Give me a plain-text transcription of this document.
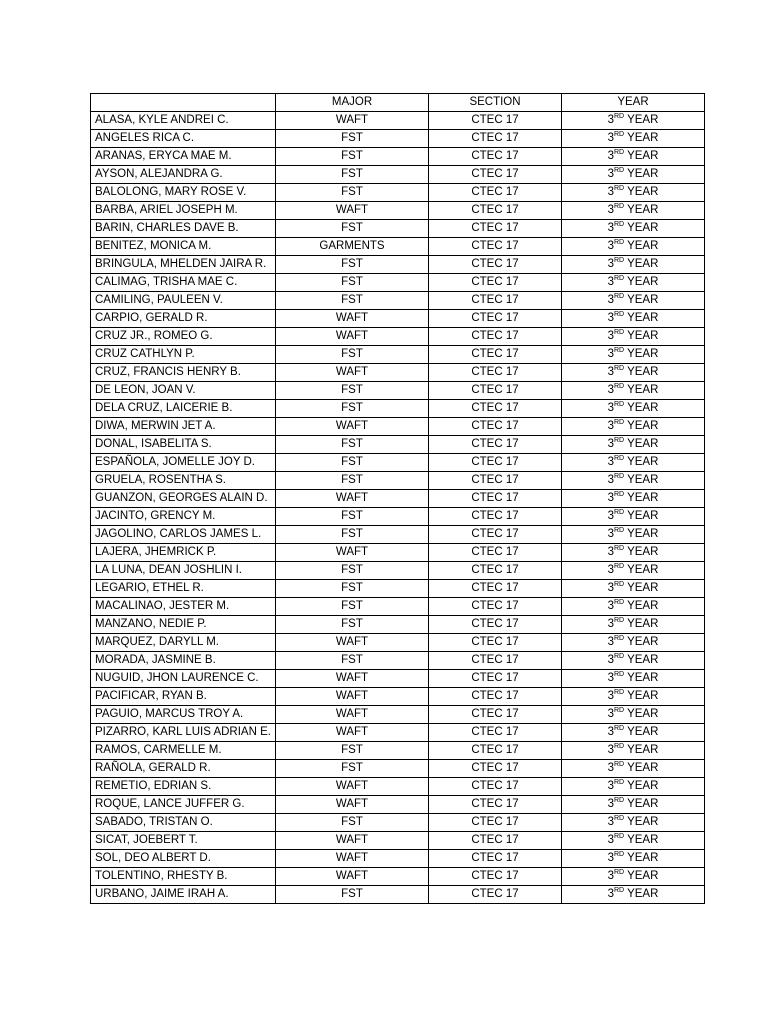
	MAJOR	SECTION	YEAR
ALASA, KYLE ANDREI C.	WAFT	CTEC 17	3RD YEAR
ANGELES RICA C.	FST	CTEC 17	3RD YEAR
ARANAS, ERYCA MAE M.	FST	CTEC 17	3RD YEAR
AYSON, ALEJANDRA G.	FST	CTEC 17	3RD YEAR
BALOLONG, MARY ROSE V.	FST	CTEC 17	3RD YEAR
BARBA, ARIEL JOSEPH M.	WAFT	CTEC 17	3RD YEAR
BARIN, CHARLES DAVE B.	FST	CTEC 17	3RD YEAR
BENITEZ, MONICA M.	GARMENTS	CTEC 17	3RD YEAR
BRINGULA, MHELDEN JAIRA R.	FST	CTEC 17	3RD YEAR
CALIMAG, TRISHA MAE C.	FST	CTEC 17	3RD YEAR
CAMILING, PAULEEN V.	FST	CTEC 17	3RD YEAR
CARPIO, GERALD R.	WAFT	CTEC 17	3RD YEAR
CRUZ JR., ROMEO G.	WAFT	CTEC 17	3RD YEAR
CRUZ CATHLYN P.	FST	CTEC 17	3RD YEAR
CRUZ, FRANCIS HENRY B.	WAFT	CTEC 17	3RD YEAR
DE LEON, JOAN V.	FST	CTEC 17	3RD YEAR
DELA CRUZ, LAICERIE B.	FST	CTEC 17	3RD YEAR
DIWA, MERWIN JET A.	WAFT	CTEC 17	3RD YEAR
DONAL, ISABELITA S.	FST	CTEC 17	3RD YEAR
ESPAÑOLA, JOMELLE JOY D.	FST	CTEC 17	3RD YEAR
GRUELA, ROSENTHA S.	FST	CTEC 17	3RD YEAR
GUANZON, GEORGES ALAIN D.	WAFT	CTEC 17	3RD YEAR
JACINTO, GRENCY M.	FST	CTEC 17	3RD YEAR
JAGOLINO, CARLOS JAMES L.	FST	CTEC 17	3RD YEAR
LAJERA, JHEMRICK P.	WAFT	CTEC 17	3RD YEAR
LA LUNA, DEAN JOSHLIN I.	FST	CTEC 17	3RD YEAR
LEGARIO, ETHEL R.	FST	CTEC 17	3RD YEAR
MACALINAO, JESTER M.	FST	CTEC 17	3RD YEAR
MANZANO, NEDIE P.	FST	CTEC 17	3RD YEAR
MARQUEZ, DARYLL M.	WAFT	CTEC 17	3RD YEAR
MORADA, JASMINE B.	FST	CTEC 17	3RD YEAR
NUGUID, JHON LAURENCE C.	WAFT	CTEC 17	3RD YEAR
PACIFICAR, RYAN B.	WAFT	CTEC 17	3RD YEAR
PAGUIO, MARCUS TROY A.	WAFT	CTEC 17	3RD YEAR
PIZARRO, KARL LUIS ADRIAN E.	WAFT	CTEC 17	3RD YEAR
RAMOS, CARMELLE M.	FST	CTEC 17	3RD YEAR
RAÑOLA, GERALD R.	FST	CTEC 17	3RD YEAR
REMETIO, EDRIAN S.	WAFT	CTEC 17	3RD YEAR
ROQUE, LANCE JUFFER G.	WAFT	CTEC 17	3RD YEAR
SABADO, TRISTAN O.	FST	CTEC 17	3RD YEAR
SICAT, JOEBERT T.	WAFT	CTEC 17	3RD YEAR
SOL, DEO ALBERT D.	WAFT	CTEC 17	3RD YEAR
TOLENTINO, RHESTY B.	WAFT	CTEC 17	3RD YEAR
URBANO, JAIME IRAH A.	FST	CTEC 17	3RD YEAR
